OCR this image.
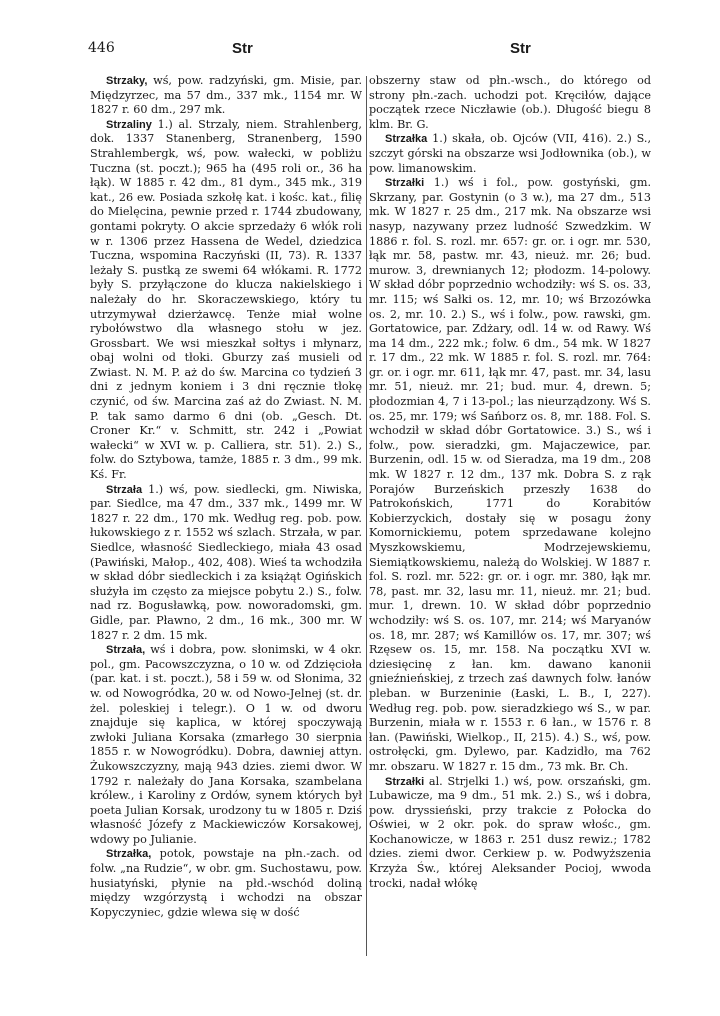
446	Str	Str

Strzaky, wś, pow. radzyński, gm. Misie, par. Międzyrzec, ma 57 dm., 337 mk., 1154 mr. W 1827 r. 60 dm., 297 mk.

Strzaliny 1.) al. Strzaly, niem. Strahlenberg, dok. 1337 Stanenberg, Stranenberg, 1590 Strahlembergk, wś, pow. wałecki, w pobliżu Tuczna (st. poczt.); 965 ha (495 roli or., 36 ha łąk). W 1885 r. 42 dm., 81 dym., 345 mk., 319 kat., 26 ew. Posiada szkołę kat. i kośc. kat., filię do Mielęcina, pewnie przed r. 1744 zbudowany, gontami pokryty. O akcie sprzedaży 6 włók roli w r. 1306 przez Hassena de Wedel, dziedzica Tuczna, wspomina Raczyński (II, 73). R. 1337 leżały S. pustką ze swemi 64 włókami. R. 1772 były S. przyłączone do klucza nakielskiego i należały do hr. Skoraczewskiego, który tu utrzymywał dzierżawcę. Tenże miał wolne rybołówstwo dla własnego stołu w jez. Grossbart. We wsi mieszkał sołtys i młynarz, obaj wolni od tłoki. Gburzy zaś musieli od Zwiast. N. M. P. aż do św. Marcina co tydzień 3 dni z jednym koniem i 3 dni ręcznie tłokę czynić, od św. Marcina zaś aż do Zwiast. N. M. P. tak samo darmo 6 dni (ob. „Gesch. Dt. Croner Kr.“ v. Schmitt, str. 242 i „Powiat wałecki“ w XVI w. p. Callierа, str. 51). 2.) S., folw. do Sztybowa, tamże, 1885 r. 3 dm., 99 mk. Kś. Fr.

Strzała 1.) wś, pow. siedlecki, gm. Niwiska, par. Siedlce, ma 47 dm., 337 mk., 1499 mr. W 1827 r. 22 dm., 170 mk. Według reg. pob. pow. łukowskiego z r. 1552 wś szlach. Strzała, w par. Siedlce, własność Siedleckiego, miała 43 osad (Pawiński, Małop., 402, 408). Wieś ta wchodziła w skład dóbr siedleckich i za książąt Ogińskich służyła im często za miejsce pobytu 2.) S., folw. nad rz. Bogusławką, pow. noworadomski, gm. Gidle, par. Pławno, 2 dm., 16 mk., 300 mr. W 1827 r. 2 dm. 15 mk.

Strzała, wś i dobra, pow. słonimski, w 4 okr. pol., gm. Pacowszczyzna, o 10 w. od Zdzięcioła (par. kat. i st. poczt.), 58 i 59 w. od Słonima, 32 w. od Nowogródka, 20 w. od Nowo-Jelnej (st. dr. żel. poleskiej i telegr.). O 1 w. od dworu znajduje się kaplica, w której spoczywają zwłoki Juliana Korsaka (zmarłego 30 sierpnia 1855 r. w Nowogródku). Dobra, dawniej attyn. Żukowszczyzny, mają 943 dzies. ziemi dwor. W 1792 r. należały do Jana Korsaka, szambelana królew., i Karoliny z Ordów, synem których był poeta Julian Korsak, urodzony tu w 1805 r. Dziś własność Józefy z Mackiewiczów Korsakowej, wdowy po Julianie.

Strzałka, potok, powstaje na płn.-zach. od folw. „na Rudzie“, w obr. gm. Suchostawu, pow. husiatyński, płynie na płd.-wschód doliną między wzgórzystą i wchodzi na obszar Kopyczyniec, gdzie wlewa się w dość

obszerny staw od płn.-wsch., do którego od strony płn.-zach. uchodzi pot. Kręciłów, dające początek rzece Niczławie (ob.). Długość biegu 8 klm. Br. G.

Strzałka 1.) skała, ob. Ojców (VII, 416). 2.) S., szczyt górski na obszarze wsi Jodłownika (ob.), w pow. limanowskim.

Strzałki 1.) wś i fol., pow. gostyński, gm. Skrzany, par. Gostynin (o 3 w.), ma 27 dm., 513 mk. W 1827 r. 25 dm., 217 mk. Na obszarze wsi nasyp, nazywany przez ludność Szwedzkim. W 1886 r. fol. S. rozl. mr. 657: gr. or. i ogr. mr. 530, łąk mr. 58, pastw. mr. 43, nieuż. mr. 26; bud. murow. 3, drewnianych 12; płodozm. 14-polowy. W skład dóbr poprzednio wchodziły: wś S. os. 33, mr. 115; wś Sałki os. 12, mr. 10; wś Brzozówka os. 2, mr. 10. 2.) S., wś i folw., pow. rawski, gm. Gortatowice, par. Zdżary, odl. 14 w. od Rawy. Wś ma 14 dm., 222 mk.; folw. 6 dm., 54 mk. W 1827 r. 17 dm., 22 mk. W 1885 r. fol. S. rozl. mr. 764: gr. or. i ogr. mr. 611, łąk mr. 47, past. mr. 34, lasu mr. 51, nieuż. mr. 21; bud. mur. 4, drewn. 5; płodozmian 4, 7 i 13-pol.; las nieurządzony. Wś S. os. 25, mr. 179; wś Sańborz os. 8, mr. 188. Fol. S. wchodził w skład dóbr Gortatowice. 3.) S., wś i folw., pow. sieradzki, gm. Majaczewice, par. Burzenin, odl. 15 w. od Sieradza, ma 19 dm., 208 mk. W 1827 r. 12 dm., 137 mk. Dobra S. z rąk Porajów Burzeńskich przeszły 1638 do Patrokońskich, 1771 do Korabitów Kobierzyckich, dostały się w posagu żony Komornickiemu, potem sprzedawane kolejno Myszkowskiemu, Modrzejewskiemu, Siemiątkowskiemu, należą do Wolskiej. W 1887 r. fol. S. rozl. mr. 522: gr. or. i ogr. mr. 380, łąk mr. 78, past. mr. 32, lasu mr. 11, nieuż. mr. 21; bud. mur. 1, drewn. 10. W skład dóbr poprzednio wchodziły: wś S. os. 107, mr. 214; wś Maryanów os. 18, mr. 287; wś Kamillów os. 17, mr. 307; wś Rzęsew os. 15, mr. 158. Na początku XVI w. dziesięcinę z łan. km. dawano kanonii gnieźnieńskiej, z trzech zaś dawnych folw. łanów pleban. w Burzeninie (Łaski, L. B., I, 227). Według reg. pob. pow. sieradzkiego wś S., w par. Burzenin, miała w r. 1553 r. 6 łan., w 1576 r. 8 łan. (Pawiński, Wielkop., II, 215). 4.) S., wś, pow. ostrołęcki, gm. Dylewo, par. Kadzidło, ma 762 mr. obszaru. W 1827 r. 15 dm., 73 mk. Br. Ch.

Strzałki al. Strjelki 1.) wś, pow. orszański, gm. Lubawicze, ma 9 dm., 51 mk. 2.) S., wś i dobra, pow. dryssieński, przy trakcie z Połocka do Oświei, w 2 okr. pok. do spraw włośc., gm. Kochanowicze, w 1863 r. 251 dusz rewiz.; 1782 dzies. ziemi dwor. Cerkiew p. w. Podwyższenia Krzyża Św., której Aleksander Pocioj, wwoda trocki, nadał włókę
